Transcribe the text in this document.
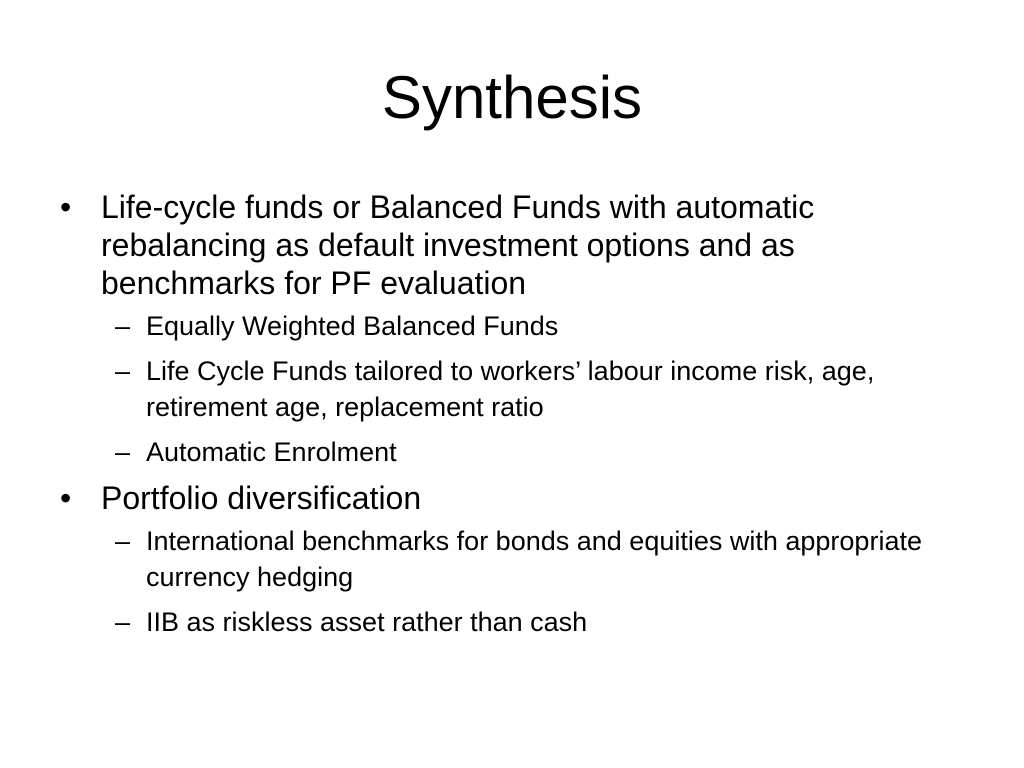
Synthesis
• Life-cycle funds or Balanced Funds with automatic rebalancing as default investment options and as benchmarks for PF evaluation
– Equally Weighted Balanced Funds
– Life Cycle Funds tailored to workers’ labour income risk, age, retirement age, replacement ratio
– Automatic Enrolment
• Portfolio diversification
– International benchmarks for bonds and equities with appropriate currency hedging
– IIB as riskless asset rather than cash
